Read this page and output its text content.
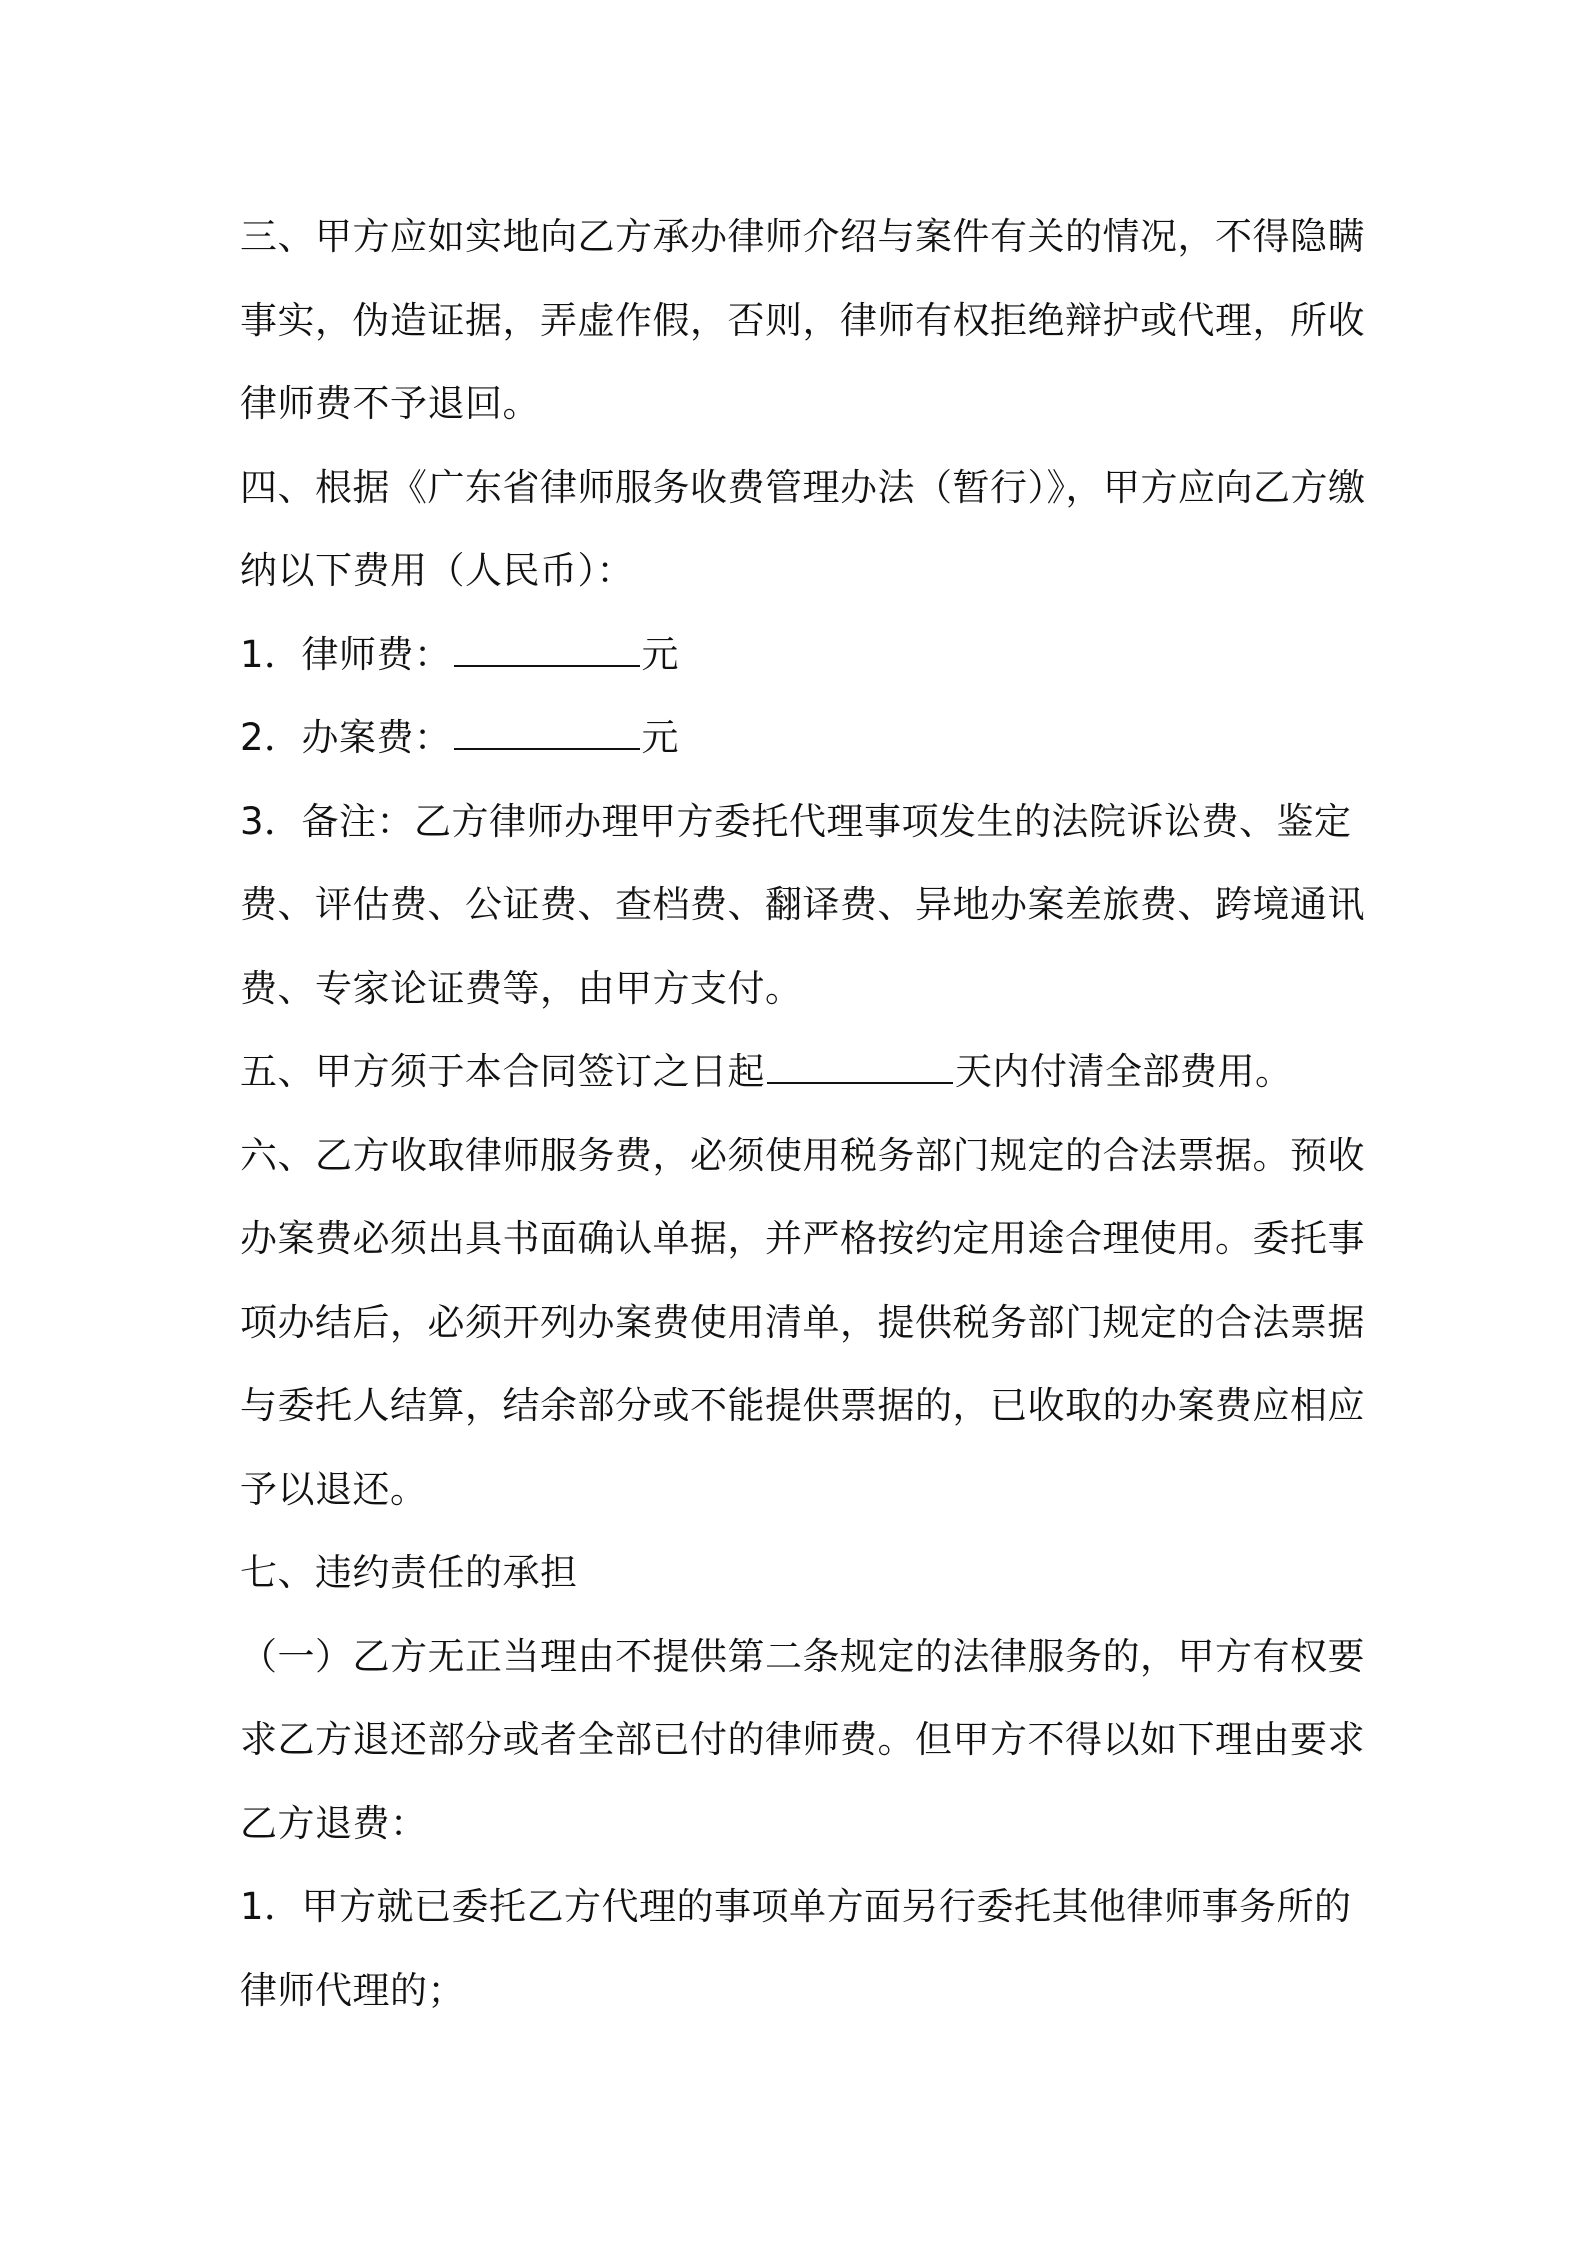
三、甲方应如实地向乙方承办律师介绍与案件有关的情况，不得隐瞒
事实，伪造证据，弄虚作假，否则，律师有权拒绝辩护或代理，所收
律师费不予退回。
四、根据《广东省律师服务收费管理办法（暂行）》，甲方应向乙方缴
纳以下费用（人民币）：
1．律师费：	元
2．办案费：	元
3．备注：乙方律师办理甲方委托代理事项发生的法院诉讼费、鉴定
费、评估费、公证费、查档费、翻译费、异地办案差旅费、跨境通讯
费、专家论证费等，由甲方支付。
五、甲方须于本合同签订之日起	天内付清全部费用。
六、乙方收取律师服务费，必须使用税务部门规定的合法票据。预收
办案费必须出具书面确认单据，并严格按约定用途合理使用。委托事
项办结后，必须开列办案费使用清单，提供税务部门规定的合法票据
与委托人结算，结余部分或不能提供票据的，已收取的办案费应相应
予以退还。
七、违约责任的承担
（一）乙方无正当理由不提供第二条规定的法律服务的，甲方有权要
求乙方退还部分或者全部已付的律师费。但甲方不得以如下理由要求
乙方退费：
1．甲方就已委托乙方代理的事项单方面另行委托其他律师事务所的
律师代理的；
